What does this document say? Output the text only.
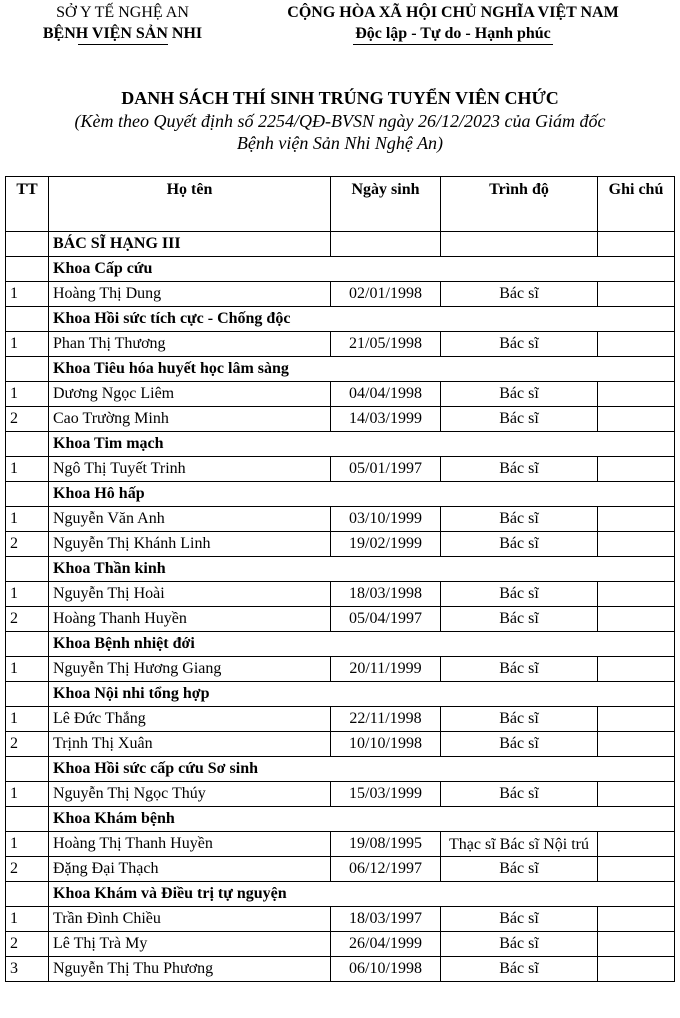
SỞ Y TẾ NGHỆ AN
BỆNH VIỆN SẢN NHI
CỘNG HÒA XÃ HỘI CHỦ NGHĨA VIỆT NAM
Độc lập - Tự do - Hạnh phúc
DANH SÁCH THÍ SINH TRÚNG TUYỂN VIÊN CHỨC
(Kèm theo Quyết định số 2254/QĐ-BVSN ngày 26/12/2023 của Giám đốc
Bệnh viện Sản Nhi Nghệ An)
TT	Họ tên	Ngày sinh	Trình độ	Ghi chú
	BÁC SĨ HẠNG III			
	Khoa Cấp cứu			
1	Hoàng Thị Dung	02/01/1998	Bác sĩ	
	Khoa Hồi sức tích cực - Chống độc			
1	Phan Thị Thương	21/05/1998	Bác sĩ	
	Khoa Tiêu hóa huyết học lâm sàng			
1	Dương Ngọc Liêm	04/04/1998	Bác sĩ	
2	Cao Trường Minh	14/03/1999	Bác sĩ	
	Khoa Tim mạch			
1	Ngô Thị Tuyết Trinh	05/01/1997	Bác sĩ	
	Khoa Hô hấp			
1	Nguyễn Văn Anh	03/10/1999	Bác sĩ	
2	Nguyễn Thị Khánh Linh	19/02/1999	Bác sĩ	
	Khoa Thần kinh			
1	Nguyễn Thị Hoài	18/03/1998	Bác sĩ	
2	Hoàng Thanh Huyền	05/04/1997	Bác sĩ	
	Khoa Bệnh nhiệt đới			
1	Nguyễn Thị Hương Giang	20/11/1999	Bác sĩ	
	Khoa Nội nhi tổng hợp			
1	Lê Đức Thắng	22/11/1998	Bác sĩ	
2	Trịnh Thị Xuân	10/10/1998	Bác sĩ	
	Khoa Hồi sức cấp cứu Sơ sinh			
1	Nguyễn Thị Ngọc Thúy	15/03/1999	Bác sĩ	
	Khoa Khám bệnh			
1	Hoàng Thị Thanh Huyền	19/08/1995	Thạc sĩ Bác sĩ Nội trú	
2	Đặng Đại Thạch	06/12/1997	Bác sĩ	
	Khoa Khám và Điều trị tự nguyện			
1	Trần Đình Chiều	18/03/1997	Bác sĩ	
2	Lê Thị Trà My	26/04/1999	Bác sĩ	
3	Nguyễn Thị Thu Phương	06/10/1998	Bác sĩ	
